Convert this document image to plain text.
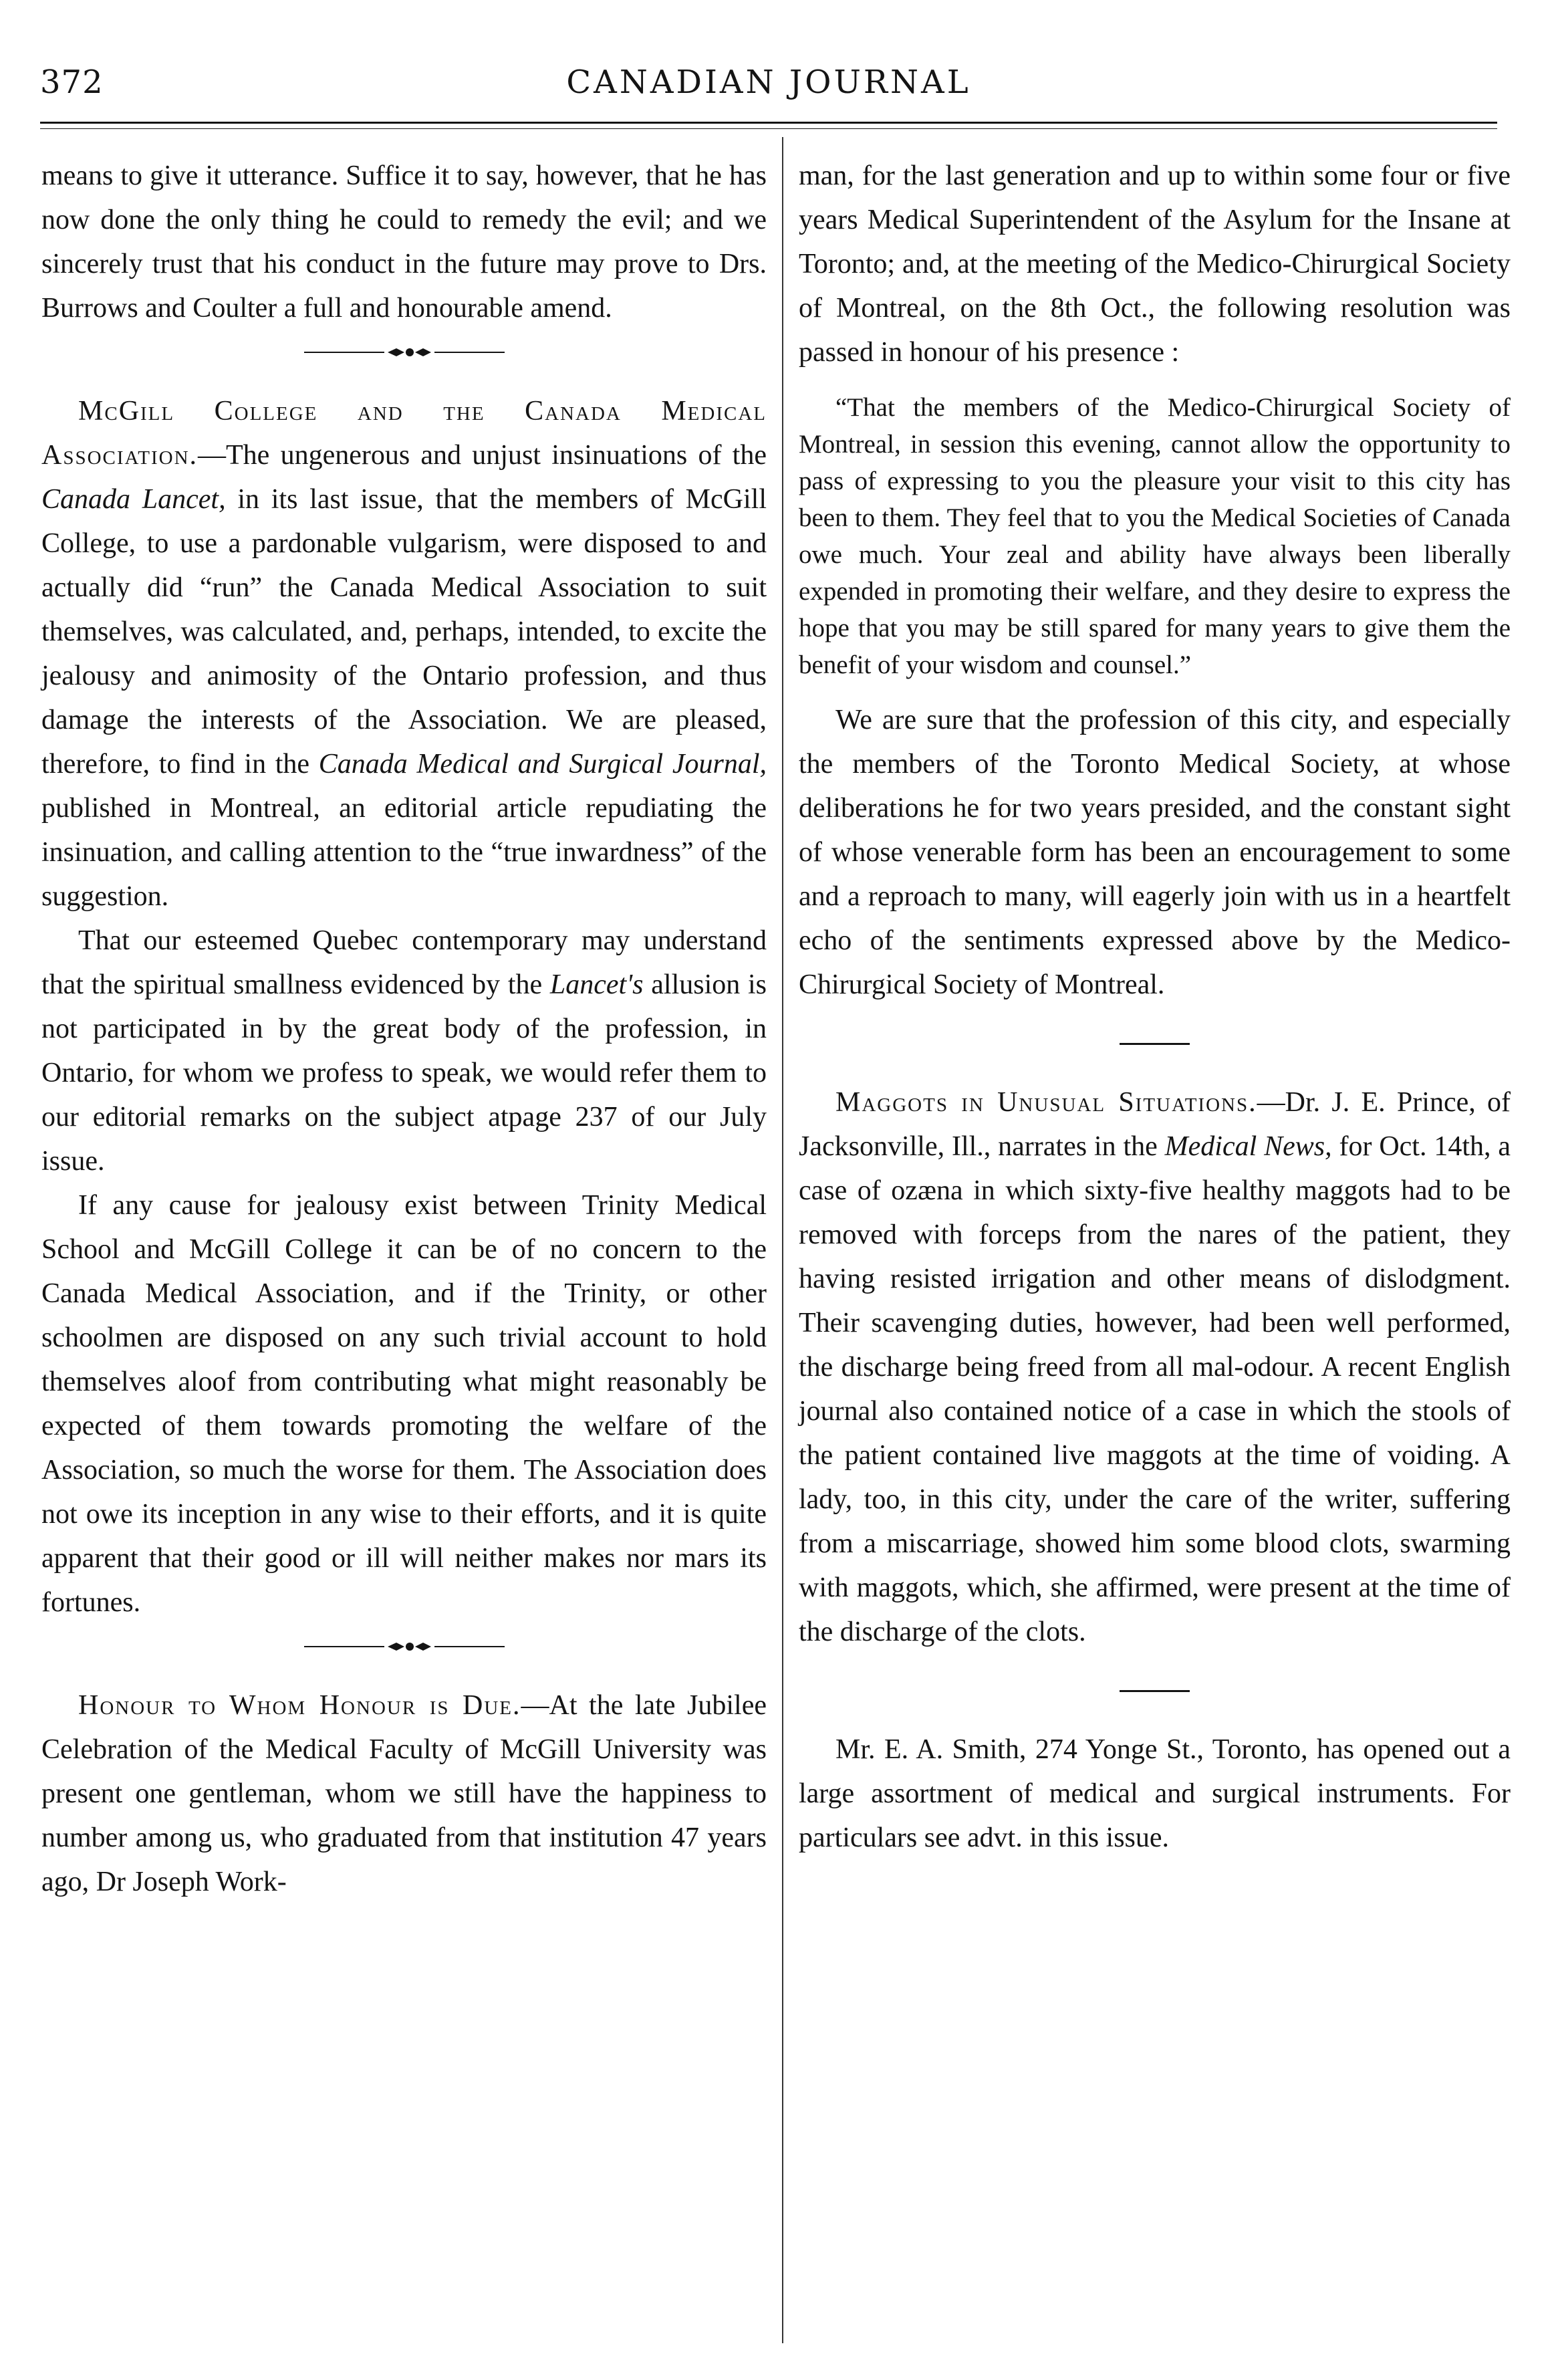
372	CANADIAN JOURNAL

means to give it utterance. Suffice it to say, however, that he has now done the only thing he could to remedy the evil; and we sincerely trust that his conduct in the future may prove to Drs. Burrows and Coulter a full and honourable amend.

McGill College and the Canada Medical Association.—The ungenerous and unjust insinuations of the Canada Lancet, in its last issue, that the members of McGill College, to use a pardonable vulgarism, were disposed to and actually did “run” the Canada Medical Association to suit themselves, was calculated, and, perhaps, intended, to excite the jealousy and animosity of the Ontario profession, and thus damage the interests of the Association. We are pleased, therefore, to find in the Canada Medical and Surgical Journal, published in Montreal, an editorial article repudiating the insinuation, and calling attention to the “true inwardness” of the suggestion.

That our esteemed Quebec contemporary may understand that the spiritual smallness evidenced by the Lancet's allusion is not participated in by the great body of the profession, in Ontario, for whom we profess to speak, we would refer them to our editorial remarks on the subject atpage 237 of our July issue.

If any cause for jealousy exist between Trinity Medical School and McGill College it can be of no concern to the Canada Medical Association, and if the Trinity, or other schoolmen are disposed on any such trivial account to hold themselves aloof from contributing what might reasonably be expected of them towards promoting the welfare of the Association, so much the worse for them. The Association does not owe its inception in any wise to their efforts, and it is quite apparent that their good or ill will neither makes nor mars its fortunes.

Honour to Whom Honour is Due.—At the late Jubilee Celebration of the Medical Faculty of McGill University was present one gentleman, whom we still have the happiness to number among us, who graduated from that institution 47 years ago, Dr Joseph Work-

man, for the last generation and up to within some four or five years Medical Superintendent of the Asylum for the Insane at Toronto; and, at the meeting of the Medico-Chirurgical Society of Montreal, on the 8th Oct., the following resolution was passed in honour of his presence :

“That the members of the Medico-Chirurgical Society of Montreal, in session this evening, cannot allow the opportunity to pass of expressing to you the pleasure your visit to this city has been to them. They feel that to you the Medical Societies of Canada owe much. Your zeal and ability have always been liberally expended in promoting their welfare, and they desire to express the hope that you may be still spared for many years to give them the benefit of your wisdom and counsel.”

We are sure that the profession of this city, and especially the members of the Toronto Medical Society, at whose deliberations he for two years presided, and the constant sight of whose venerable form has been an encouragement to some and a reproach to many, will eagerly join with us in a heartfelt echo of the sentiments expressed above by the Medico-Chirurgical Society of Montreal.

Maggots in Unusual Situations.—Dr. J. E. Prince, of Jacksonville, Ill., narrates in the Medical News, for Oct. 14th, a case of ozæna in which sixty-five healthy maggots had to be removed with forceps from the nares of the patient, they having resisted irrigation and other means of dislodgment. Their scavenging duties, however, had been well performed, the discharge being freed from all mal-odour. A recent English journal also contained notice of a case in which the stools of the patient contained live maggots at the time of voiding. A lady, too, in this city, under the care of the writer, suffering from a miscarriage, showed him some blood clots, swarming with maggots, which, she affirmed, were present at the time of the discharge of the clots.

Mr. E. A. Smith, 274 Yonge St., Toronto, has opened out a large assortment of medical and surgical instruments. For particulars see advt. in this issue.
